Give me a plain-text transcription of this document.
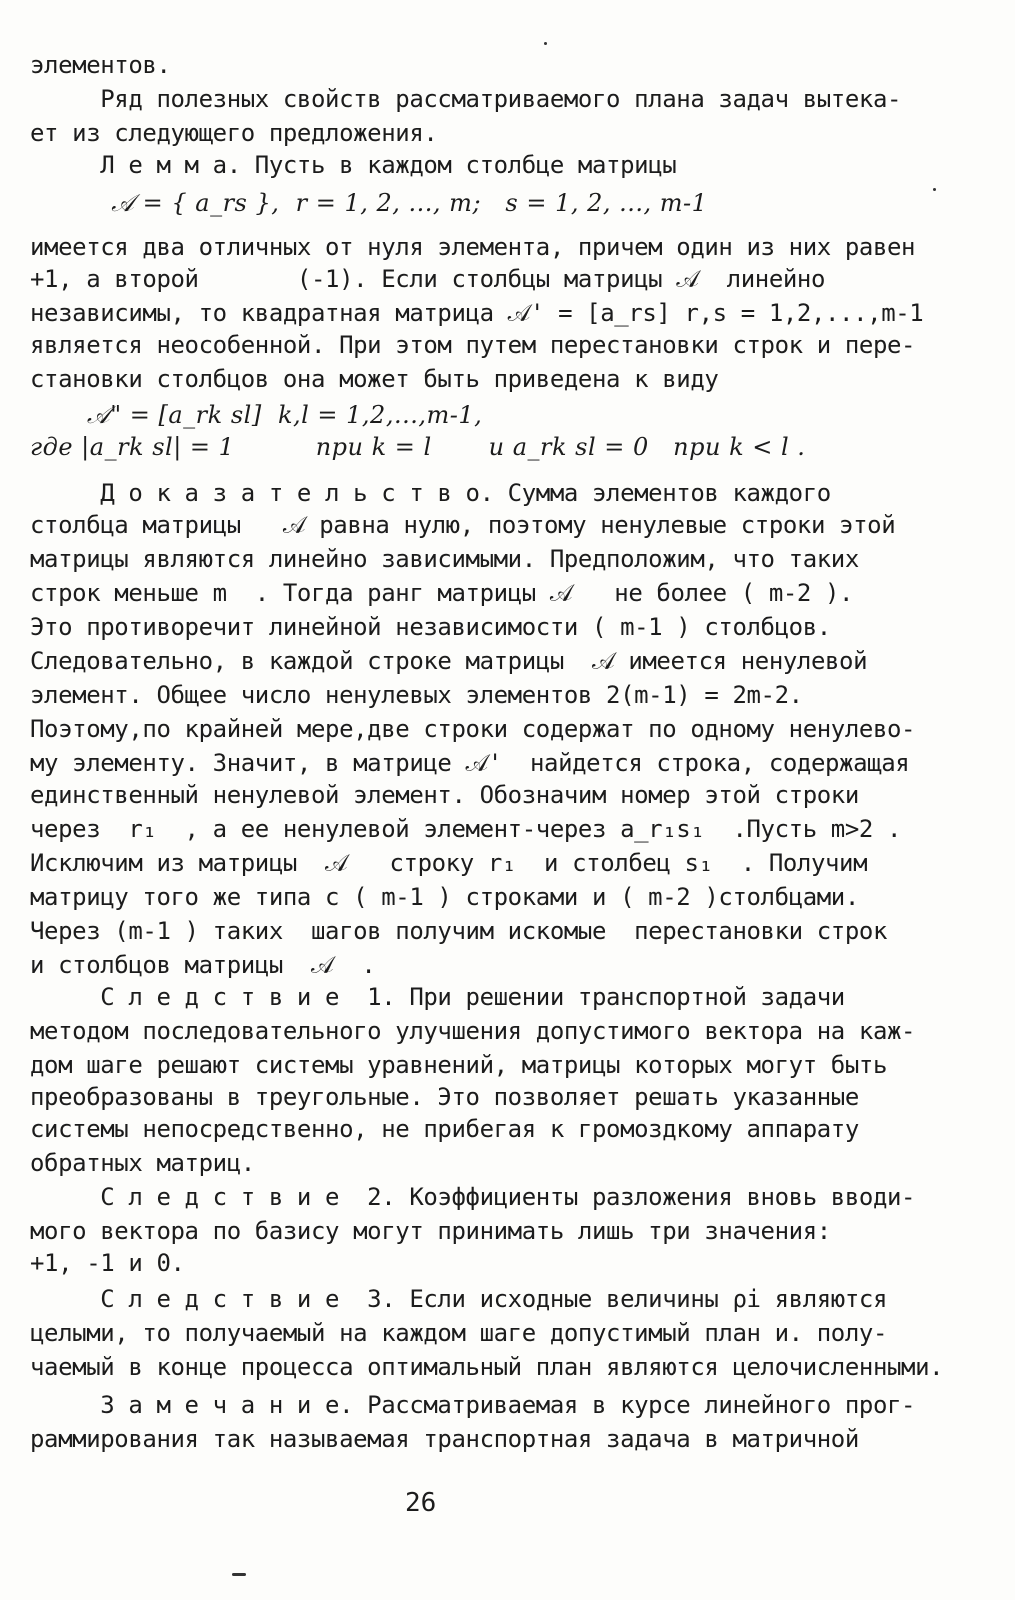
элементов.
Ряд полезных свойств рассматриваемого плана задач вытека-
ет из следующего предложения.
Л е м м а. Пусть в каждом столбце матрицы
𝒜 = { a_rs },  r = 1, 2, ..., m;   s = 1, 2, ..., m-1
имеется два отличных от нуля элемента, причем один из них равен
+1, а второй       (-1). Если столбцы матрицы 𝒜  линейно
независимы, то квадратная матрица 𝒜' = [a_rs] r,s = 1,2,...,m-1
является неособенной. При этом путем перестановки строк и пере-
становки столбцов она может быть приведена к виду
𝒜" = [a_rk sl]  k,l = 1,2,...,m-1,
где |a_rk sl| = 1          при k = l       и a_rk sl = 0   при k < l .
Д о к а з а т е л ь с т в о. Сумма элементов каждого
столбца матрицы   𝒜 равна нулю, поэтому ненулевые строки этой
матрицы являются линейно зависимыми. Предположим, что таких
строк меньше m  . Тогда ранг матрицы 𝒜   не более ( m-2 ).
Это противоречит линейной независимости ( m-1 ) столбцов.
Следовательно, в каждой строке матрицы  𝒜 имеется ненулевой
элемент. Общее число ненулевых элементов 2(m-1) = 2m-2.
Поэтому,по крайней мере,две строки содержат по одному ненулево-
му элементу. Значит, в матрице 𝒜'  найдется строка, содержащая
единственный ненулевой элемент. Обозначим номер этой строки
через  r₁  , а ее ненулевой элемент-через a_r₁s₁  .Пусть m>2 .
Исключим из матрицы  𝒜   строку r₁  и столбец s₁  . Получим
матрицу того же типа с ( m-1 ) строками и ( m-2 )столбцами.
Через (m-1 ) таких  шагов получим искомые  перестановки строк
и столбцов матрицы  𝒜  .
С л е д с т в и е  1. При решении транспортной задачи
методом последовательного улучшения допустимого вектора на каж-
дом шаге решают системы уравнений, матрицы которых могут быть
преобразованы в треугольные. Это позволяет решать указанные
системы непосредственно, не прибегая к громоздкому аппарату
обратных матриц.
С л е д с т в и е  2. Коэффициенты разложения вновь вводи-
мого вектора по базису могут принимать лишь три значения:
+1, -1 и 0.
С л е д с т в и е  3. Если исходные величины ρi являются
целыми, то получаемый на каждом шаге допустимый план и. полу-
чаемый в конце процесса оптимальный план являются целочисленными.
З а м е ч а н и е. Рассматриваемая в курсе линейного прог-
раммирования так называемая транспортная задача в матричной
26
